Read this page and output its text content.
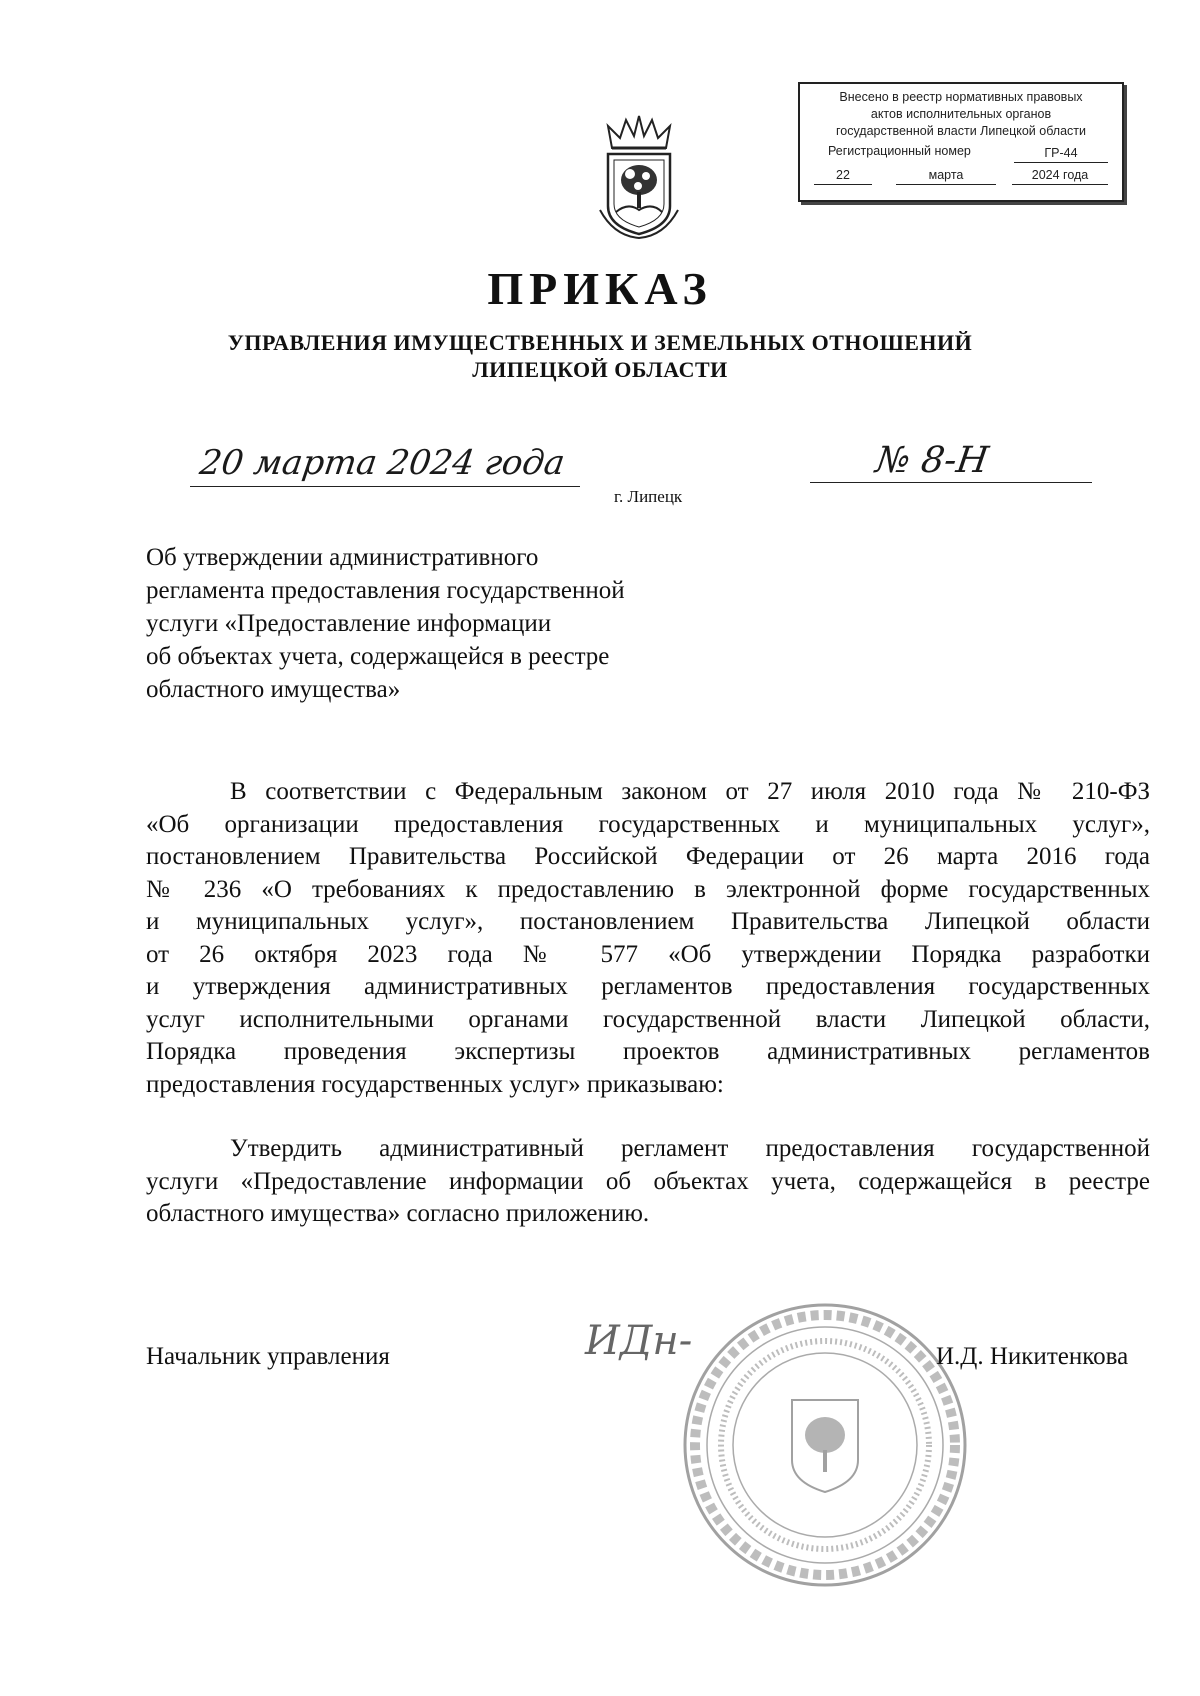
Внесено в реестр нормативных правовых
актов исполнительных органов
государственной власти Липецкой области
Регистрационный номер	ГР-44
22	марта	2024 года
ПРИКАЗ
УПРАВЛЕНИЯ ИМУЩЕСТВЕННЫХ И ЗЕМЕЛЬНЫХ ОТНОШЕНИЙ
ЛИПЕЦКОЙ ОБЛАСТИ
20 марта 2024 года	№ 8-Н
г. Липецк
Об утверждении административного
регламента предоставления государственной
услуги «Предоставление информации
об объектах учета, содержащейся в реестре
областного имущества»
В соответствии с Федеральным законом от 27 июля 2010 года № 210-ФЗ
«Об организации предоставления государственных и муниципальных услуг»,
постановлением Правительства Российской Федерации от 26 марта 2016 года
№ 236 «О требованиях к предоставлению в электронной форме государственных
и муниципальных услуг», постановлением Правительства Липецкой области
от 26 октября 2023 года № 577 «Об утверждении Порядка разработки
и утверждения административных регламентов предоставления государственных
услуг исполнительными органами государственной власти Липецкой области,
Порядка проведения экспертизы проектов административных регламентов
предоставления государственных услуг» приказываю:
Утвердить административный регламент предоставления государственной
услуги «Предоставление информации об объектах учета, содержащейся в реестре
областного имущества» согласно приложению.
Начальник управления	ИДн-	И.Д. Никитенкова
